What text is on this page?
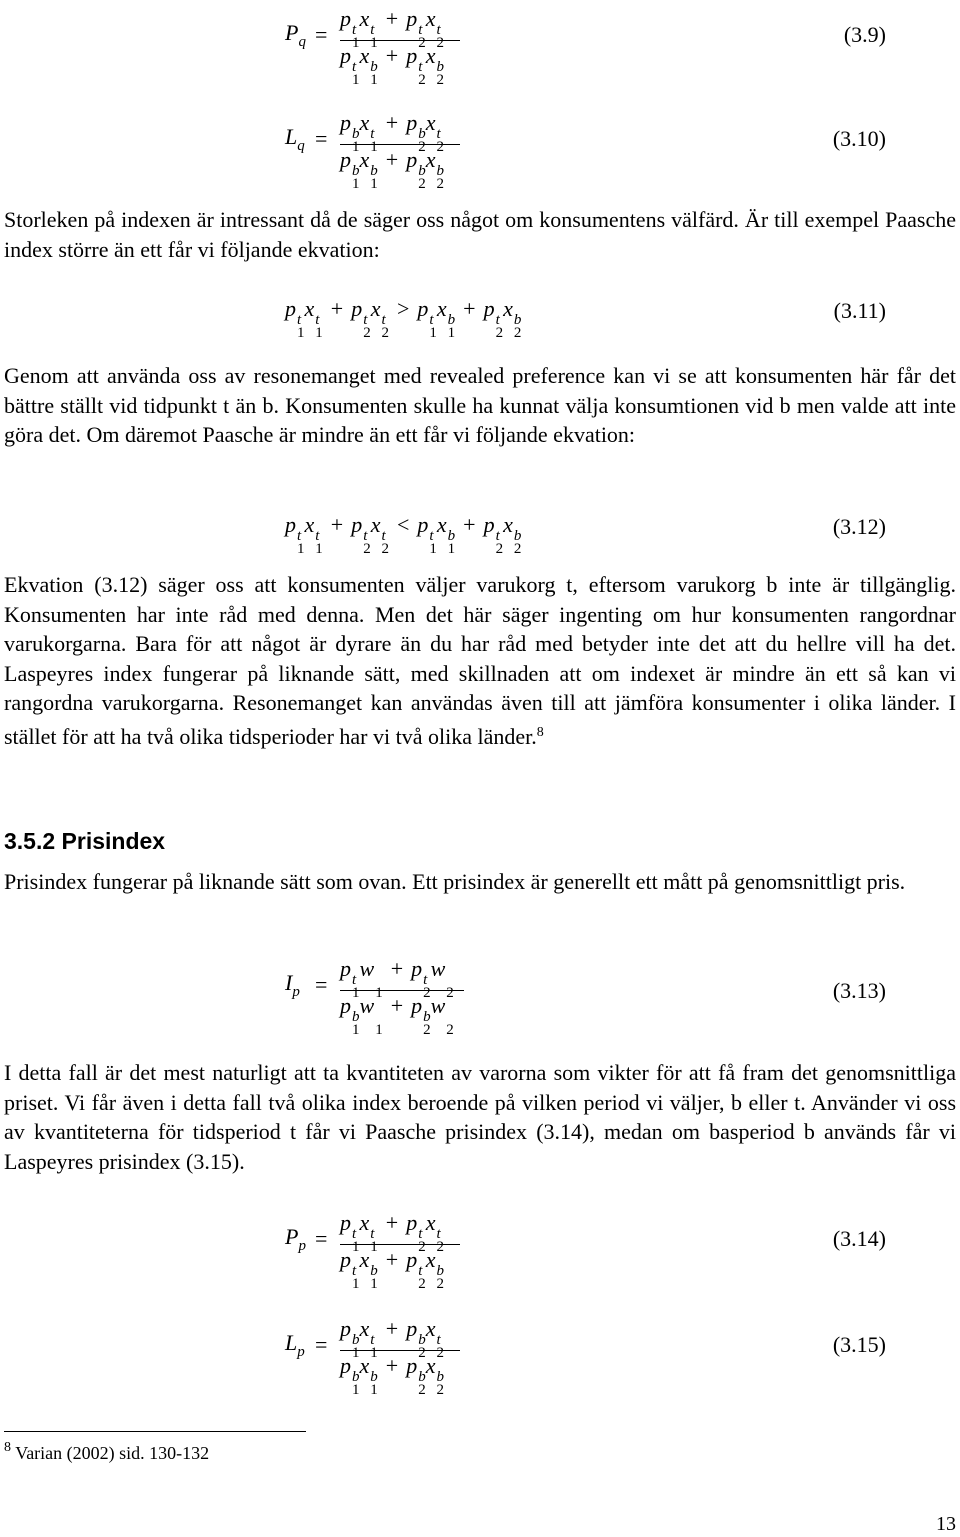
$P_q$ =
p t
1
x t
1
+ p t
2
x t
2
p t
1
x b
1
+ p t
2
x b
2
(3.9)
$L_q$ =
p b
1
x t
1
+ p b
2
x t
2
p b
1
x b
1
+ p b
2
x b
2
(3.10)

Storleken på indexen är intressant då de säger oss något om konsumentens välfärd. Är till exempel Paasche index större än ett får vi följande ekvation:

p t
1
x t
1
+ p t
2
x t
2
> p t
1
x b
1
+ p t
2
x b
2
(3.11)

Genom att använda oss av resonemanget med revealed preference kan vi se att konsumenten här får det bättre ställt vid tidpunkt t än b. Konsumenten skulle ha kunnat välja konsumtionen vid b men valde att inte göra det. Om däremot Paasche är mindre än ett får vi följande ekvation:

p t
1
x t
1
+ p t
2
x t
2
< p t
1
x b
1
+ p t
2
x b
2
(3.12)
Ekvation (3.12) säger oss att konsumenten väljer varukorg t, eftersom varukorg b inte är tillgänglig. Konsumenten har inte råd med denna. Men det här säger ingenting om hur konsumenten rangordnar varukorgarna. Bara för att något är dyrare än du har råd med betyder inte det att du hellre vill ha det. Laspeyres index fungerar på liknande sätt, med skillnaden att om indexet är mindre än ett så kan vi rangordna varukorgarna. Resonemanget kan användas även till att jämföra konsumenter i olika länder. I stället för att ha två olika tidsperioder har vi två olika länder.$^8$
3.5.2 Prisindex

Prisindex fungerar på liknande sätt som ovan. Ett prisindex är generellt ett mått på genomsnittligt pris.

$I_p$ =
p t
1
w

1
+ p t
2
w

2
p b
1
w

1
+ p b
2
w

2
(3.13)

I detta fall är det mest naturligt att ta kvantiteten av varorna som vikter för att få fram det genomsnittliga priset. Vi får även i detta fall två olika index beroende på vilken period vi väljer, b eller t. Använder vi oss av kvantiteterna för tidsperiod t får vi Paasche prisindex (3.14), medan om basperiod b används får vi Laspeyres prisindex (3.15).

$P_p$ =
p t
1
x t
1
+ p t
2
x t
2
p t
1
x b
1
+ p t
2
x b
2
(3.14)
$L_p$ =
p b
1
x t
1
+ p b
2
x t
2
p b
1
x b
1
+ p b
2
x b
2
(3.15)
$^8$ Varian (2002) sid. 130-132
13
